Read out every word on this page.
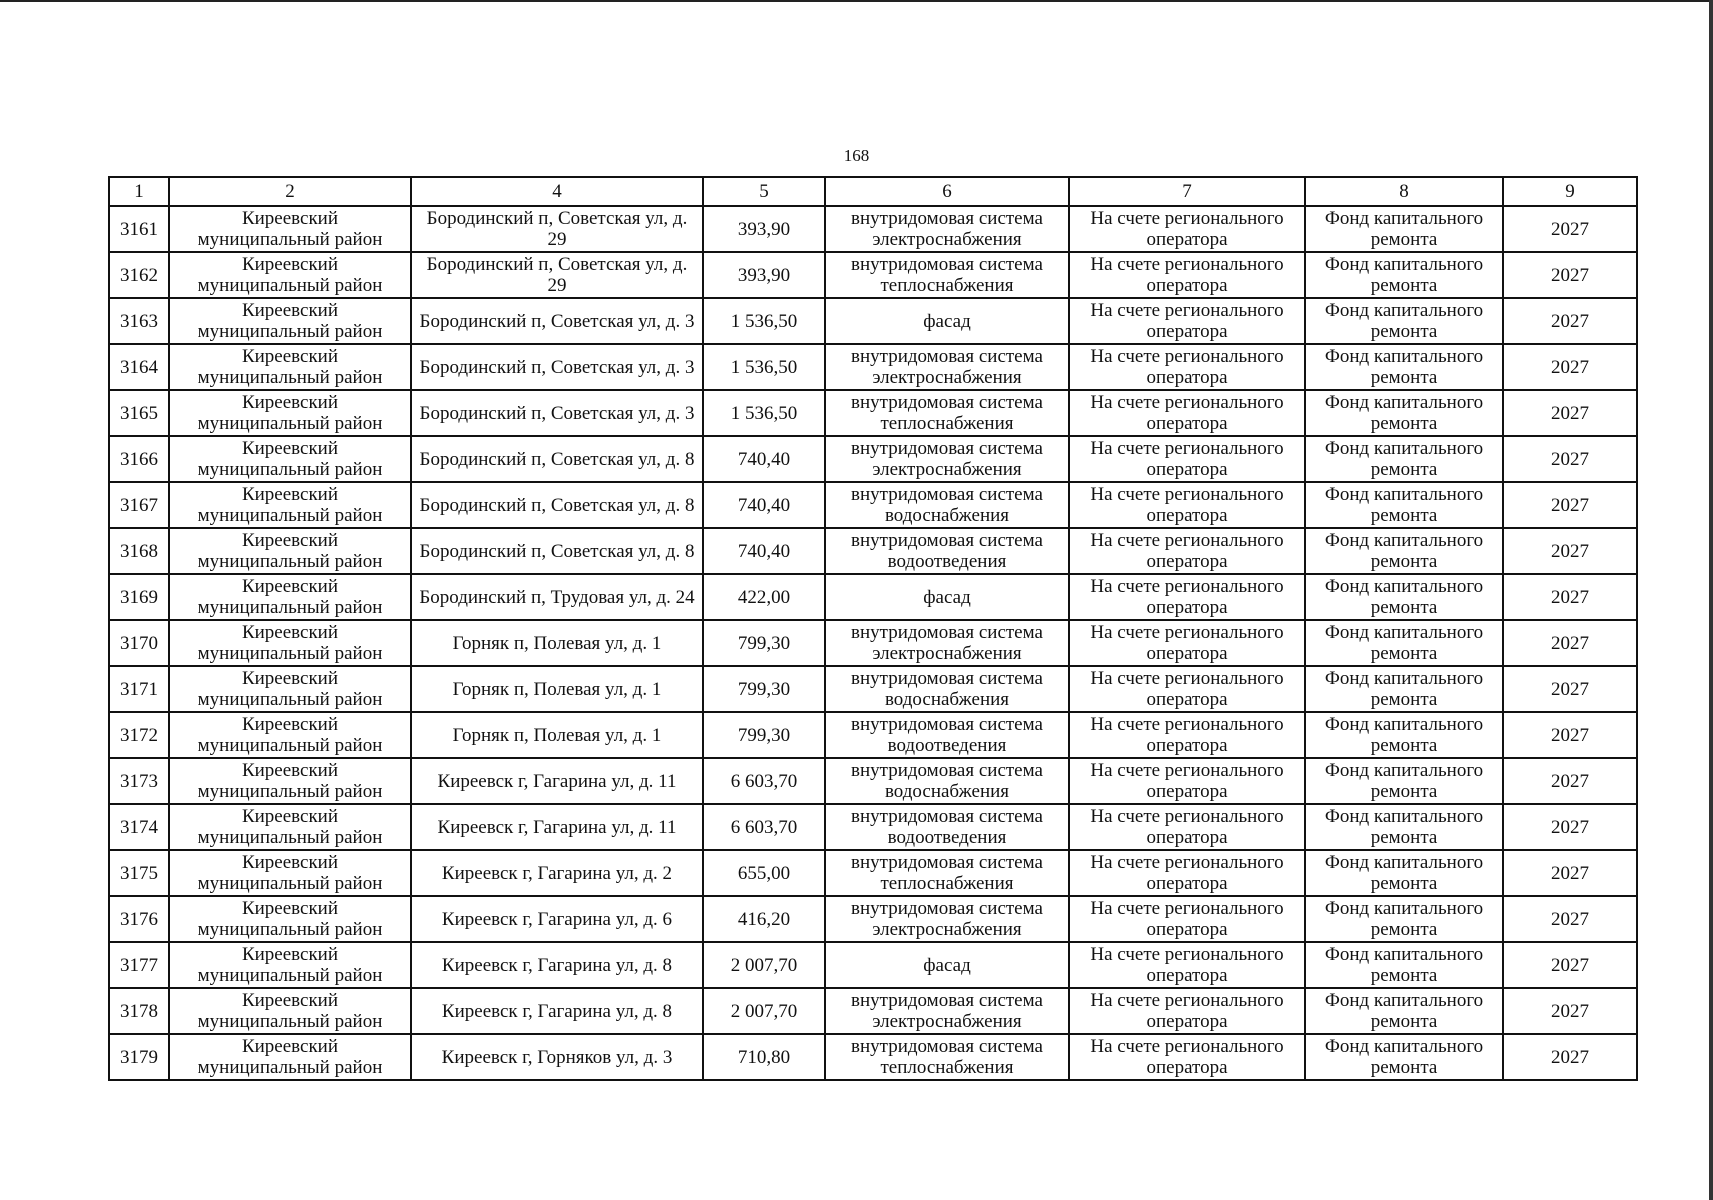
168
1	2	4	5	6	7	8	9
3161	Киреевский муниципальный район	Бородинский п, Советская ул, д. 29	393,90	внутридомовая система электроснабжения	На счете регионального оператора	Фонд капитального ремонта	2027
3162	Киреевский муниципальный район	Бородинский п, Советская ул, д. 29	393,90	внутридомовая система теплоснабжения	На счете регионального оператора	Фонд капитального ремонта	2027
3163	Киреевский муниципальный район	Бородинский п, Советская ул, д. 3	1 536,50	фасад	На счете регионального оператора	Фонд капитального ремонта	2027
3164	Киреевский муниципальный район	Бородинский п, Советская ул, д. 3	1 536,50	внутридомовая система электроснабжения	На счете регионального оператора	Фонд капитального ремонта	2027
3165	Киреевский муниципальный район	Бородинский п, Советская ул, д. 3	1 536,50	внутридомовая система теплоснабжения	На счете регионального оператора	Фонд капитального ремонта	2027
3166	Киреевский муниципальный район	Бородинский п, Советская ул, д. 8	740,40	внутридомовая система электроснабжения	На счете регионального оператора	Фонд капитального ремонта	2027
3167	Киреевский муниципальный район	Бородинский п, Советская ул, д. 8	740,40	внутридомовая система водоснабжения	На счете регионального оператора	Фонд капитального ремонта	2027
3168	Киреевский муниципальный район	Бородинский п, Советская ул, д. 8	740,40	внутридомовая система водоотведения	На счете регионального оператора	Фонд капитального ремонта	2027
3169	Киреевский муниципальный район	Бородинский п, Трудовая ул, д. 24	422,00	фасад	На счете регионального оператора	Фонд капитального ремонта	2027
3170	Киреевский муниципальный район	Горняк п, Полевая ул, д. 1	799,30	внутридомовая система электроснабжения	На счете регионального оператора	Фонд капитального ремонта	2027
3171	Киреевский муниципальный район	Горняк п, Полевая ул, д. 1	799,30	внутридомовая система водоснабжения	На счете регионального оператора	Фонд капитального ремонта	2027
3172	Киреевский муниципальный район	Горняк п, Полевая ул, д. 1	799,30	внутридомовая система водоотведения	На счете регионального оператора	Фонд капитального ремонта	2027
3173	Киреевский муниципальный район	Киреевск г, Гагарина ул, д. 11	6 603,70	внутридомовая система водоснабжения	На счете регионального оператора	Фонд капитального ремонта	2027
3174	Киреевский муниципальный район	Киреевск г, Гагарина ул, д. 11	6 603,70	внутридомовая система водоотведения	На счете регионального оператора	Фонд капитального ремонта	2027
3175	Киреевский муниципальный район	Киреевск г, Гагарина ул, д. 2	655,00	внутридомовая система теплоснабжения	На счете регионального оператора	Фонд капитального ремонта	2027
3176	Киреевский муниципальный район	Киреевск г, Гагарина ул, д. 6	416,20	внутридомовая система электроснабжения	На счете регионального оператора	Фонд капитального ремонта	2027
3177	Киреевский муниципальный район	Киреевск г, Гагарина ул, д. 8	2 007,70	фасад	На счете регионального оператора	Фонд капитального ремонта	2027
3178	Киреевский муниципальный район	Киреевск г, Гагарина ул, д. 8	2 007,70	внутридомовая система электроснабжения	На счете регионального оператора	Фонд капитального ремонта	2027
3179	Киреевский муниципальный район	Киреевск г, Горняков ул, д. 3	710,80	внутридомовая система теплоснабжения	На счете регионального оператора	Фонд капитального ремонта	2027
